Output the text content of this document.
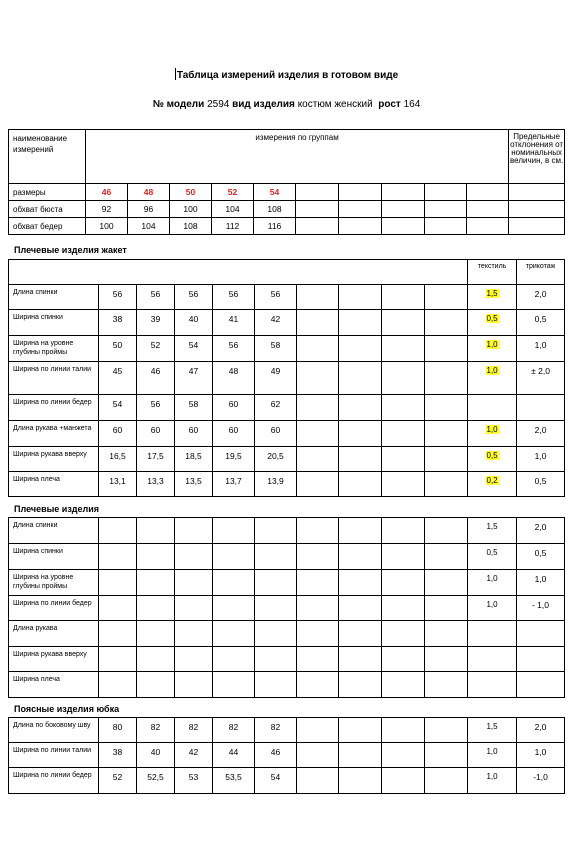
Таблица измерений изделия в готовом виде
№ модели 2594 вид изделия костюм женский рост 164
наименование измерений	измерения по группам										Предельные отклонения от номинальных величин, в см.
размеры	46	48	50	52	54						
обхват бюста	92	96	100	104	108						
обхват бедер	100	104	108	112	116						
Плечевые изделия жакет
										текстиль	трикотаж
Длина спинки	56	56	56	56	56					1,5	2,0
Ширина спинки	38	39	40	41	42					0,5	0,5
Ширина на уровне глубины проймы	50	52	54	56	58					1,0	1,0
Ширина по линии талии	45	46	47	48	49					1,0	± 2,0
Ширина по линии бедер	54	56	58	60	62						
Длина рукава +манжета	60	60	60	60	60					1,0	2,0
Ширина рукава вверху	16,5	17,5	18,5	19,5	20,5					0,5	1,0
Ширина плеча	13,1	13,3	13,5	13,7	13,9					0,2	0,5
Плечевые изделия
Длина спинки										1,5	2,0
Ширина спинки										0,5	0,5
Ширина на уровне глубины проймы										1,0	1,0
Ширина по линии бедер										1,0	- 1,0
Длина рукава											
Ширина рукава вверху											
Ширина плеча											
Поясные изделия юбка
Длина по боковому шву	80	82	82	82	82					1,5	2,0
Ширина по линии талии	38	40	42	44	46					1,0	1,0
Ширина по линии бедер	52	52,5	53	53,5	54					1,0	-1,0
